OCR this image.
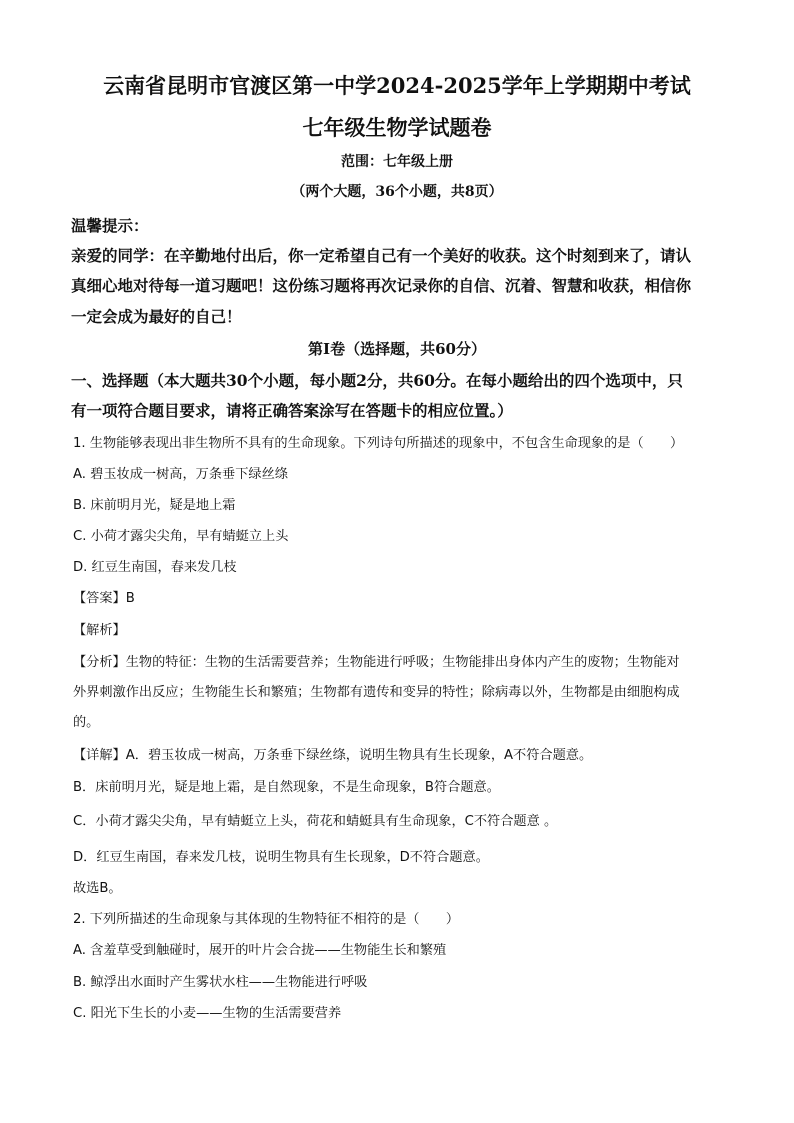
云南省昆明市官渡区第一中学2024-2025学年上学期期中考试
七年级生物学试题卷
范围：七年级上册
（两个大题，36个小题，共8页）
温馨提示：
亲爱的同学：在辛勤地付出后，你一定希望自己有一个美好的收获。这个时刻到来了，请认
真细心地对待每一道习题吧！这份练习题将再次记录你的自信、沉着、智慧和收获，相信你
一定会成为最好的自己！
第Ⅰ卷（选择题，共60分）
一、选择题（本大题共30个小题，每小题2分，共60分。在每小题给出的四个选项中，只
有一项符合题目要求，请将正确答案涂写在答题卡的相应位置。）
1. 生物能够表现出非生物所不具有的生命现象。下列诗句所描述的现象中，不包含生命现象的是（　　）
A. 碧玉妆成一树高，万条垂下绿丝绦
B. 床前明月光，疑是地上霜
C. 小荷才露尖尖角，早有蜻蜓立上头
D. 红豆生南国，春来发几枝
【答案】B
【解析】
【分析】生物的特征：生物的生活需要营养；生物能进行呼吸；生物能排出身体内产生的废物；生物能对
外界刺激作出反应；生物能生长和繁殖；生物都有遗传和变异的特性；除病毒以外，生物都是由细胞构成
的。
【详解】A．碧玉妆成一树高，万条垂下绿丝绦，说明生物具有生长现象，A不符合题意。
B．床前明月光，疑是地上霜，是自然现象，不是生命现象，B符合题意。
C．小荷才露尖尖角，早有蜻蜓立上头，荷花和蜻蜓具有生命现象，C不符合题意 。
D．红豆生南国，春来发几枝，说明生物具有生长现象，D不符合题意。
故选B。
2. 下列所描述的生命现象与其体现的生物特征不相符的是（　　）
A. 含羞草受到触碰时，展开的叶片会合拢——生物能生长和繁殖
B. 鲸浮出水面时产生雾状水柱——生物能进行呼吸
C. 阳光下生长的小麦——生物的生活需要营养
